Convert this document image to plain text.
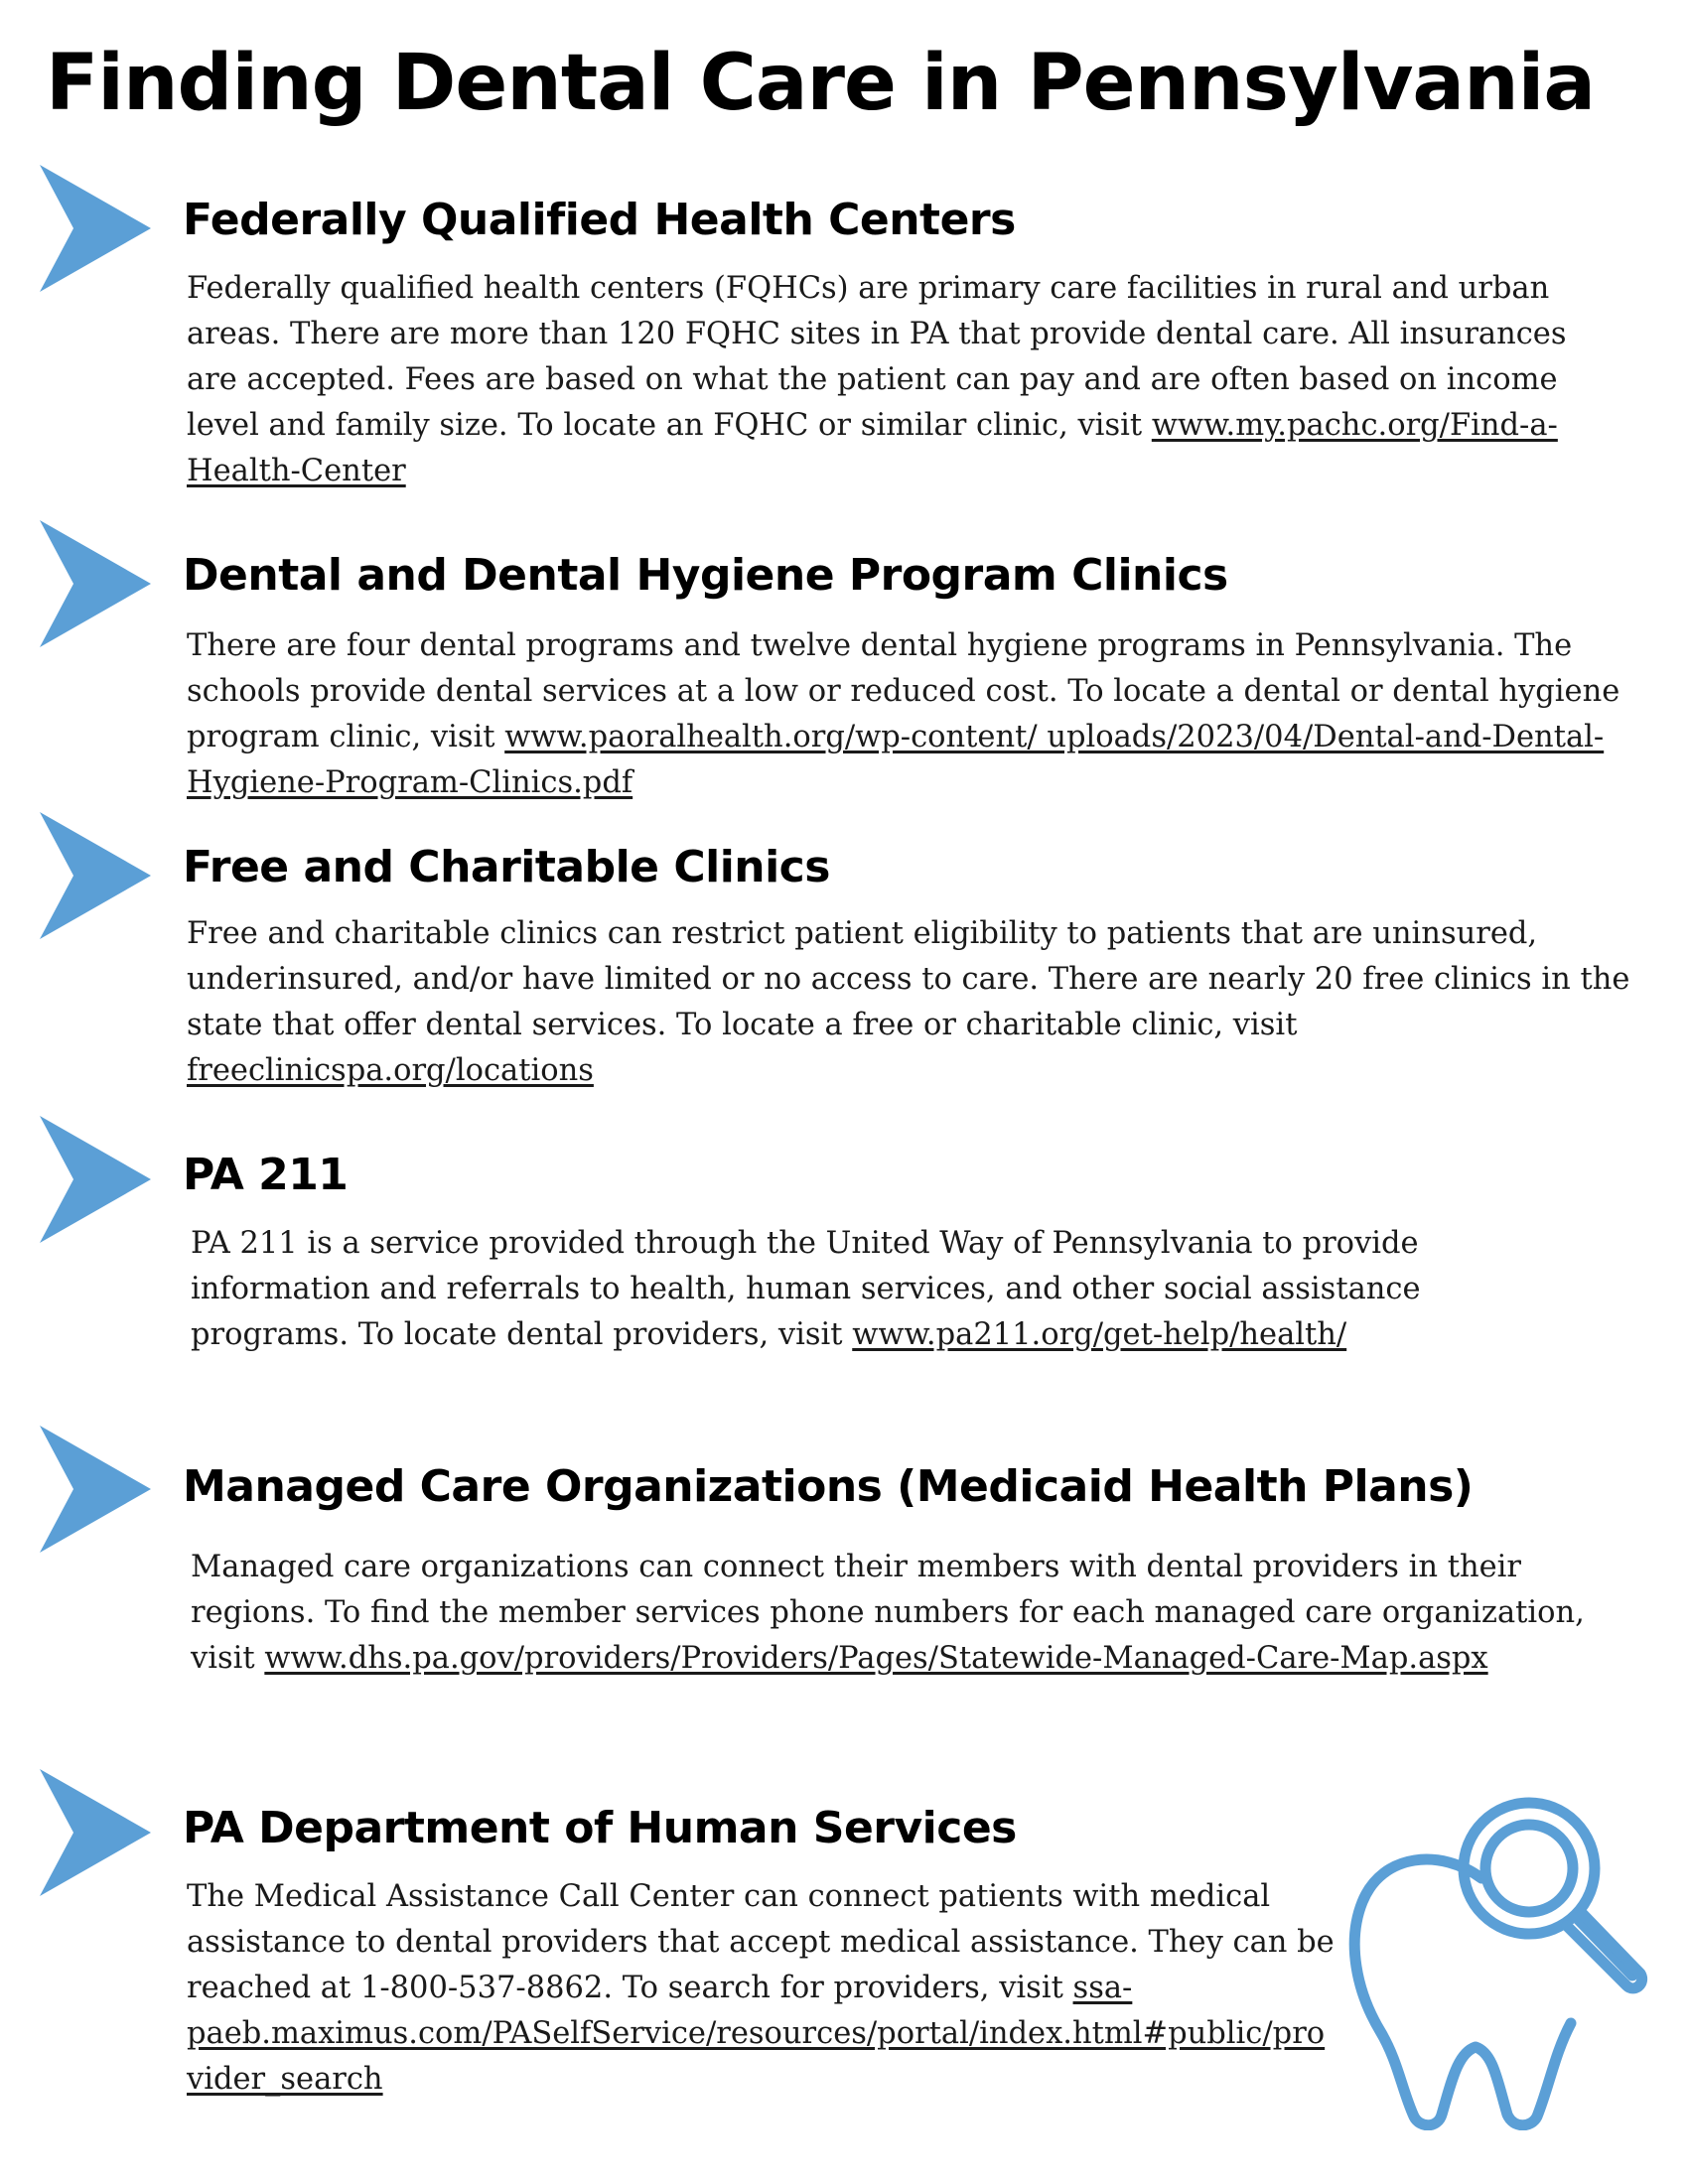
Finding Dental Care in Pennsylvania
Federally Qualified Health Centers
Federally qualified health centers (FQHCs) are primary care facilities in rural and urban areas. There are more than 120 FQHC sites in PA that provide dental care. All insurances are accepted. Fees are based on what the patient can pay and are often based on income level and family size. To locate an FQHC or similar clinic, visit www.my.pachc.org/Find-a-Health-Center
Dental and Dental Hygiene Program Clinics
There are four dental programs and twelve dental hygiene programs in Pennsylvania. The schools provide dental services at a low or reduced cost. To locate a dental or dental hygiene program clinic, visit www.paoralhealth.org/wp-content/ uploads/2023/04/Dental-and-Dental-Hygiene-Program-Clinics.pdf
Free and Charitable Clinics
Free and charitable clinics can restrict patient eligibility to patients that are uninsured, underinsured, and/or have limited or no access to care. There are nearly 20 free clinics in the state that offer dental services. To locate a free or charitable clinic, visit freeclinicspa.org/locations
PA 211
PA 211 is a service provided through the United Way of Pennsylvania to provide information and referrals to health, human services, and other social assistance programs. To locate dental providers, visit www.pa211.org/get-help/health/
Managed Care Organizations (Medicaid Health Plans)
Managed care organizations can connect their members with dental providers in their regions. To find the member services phone numbers for each managed care organization, visit www.dhs.pa.gov/providers/Providers/Pages/Statewide-Managed-Care-Map.aspx
PA Department of Human Services
The Medical Assistance Call Center can connect patients with medical assistance to dental providers that accept medical assistance. They can be reached at 1-800-537-8862. To search for providers, visit ssa-paeb.maximus.com/PASelfService/resources/portal/index.html#public/provider_search
